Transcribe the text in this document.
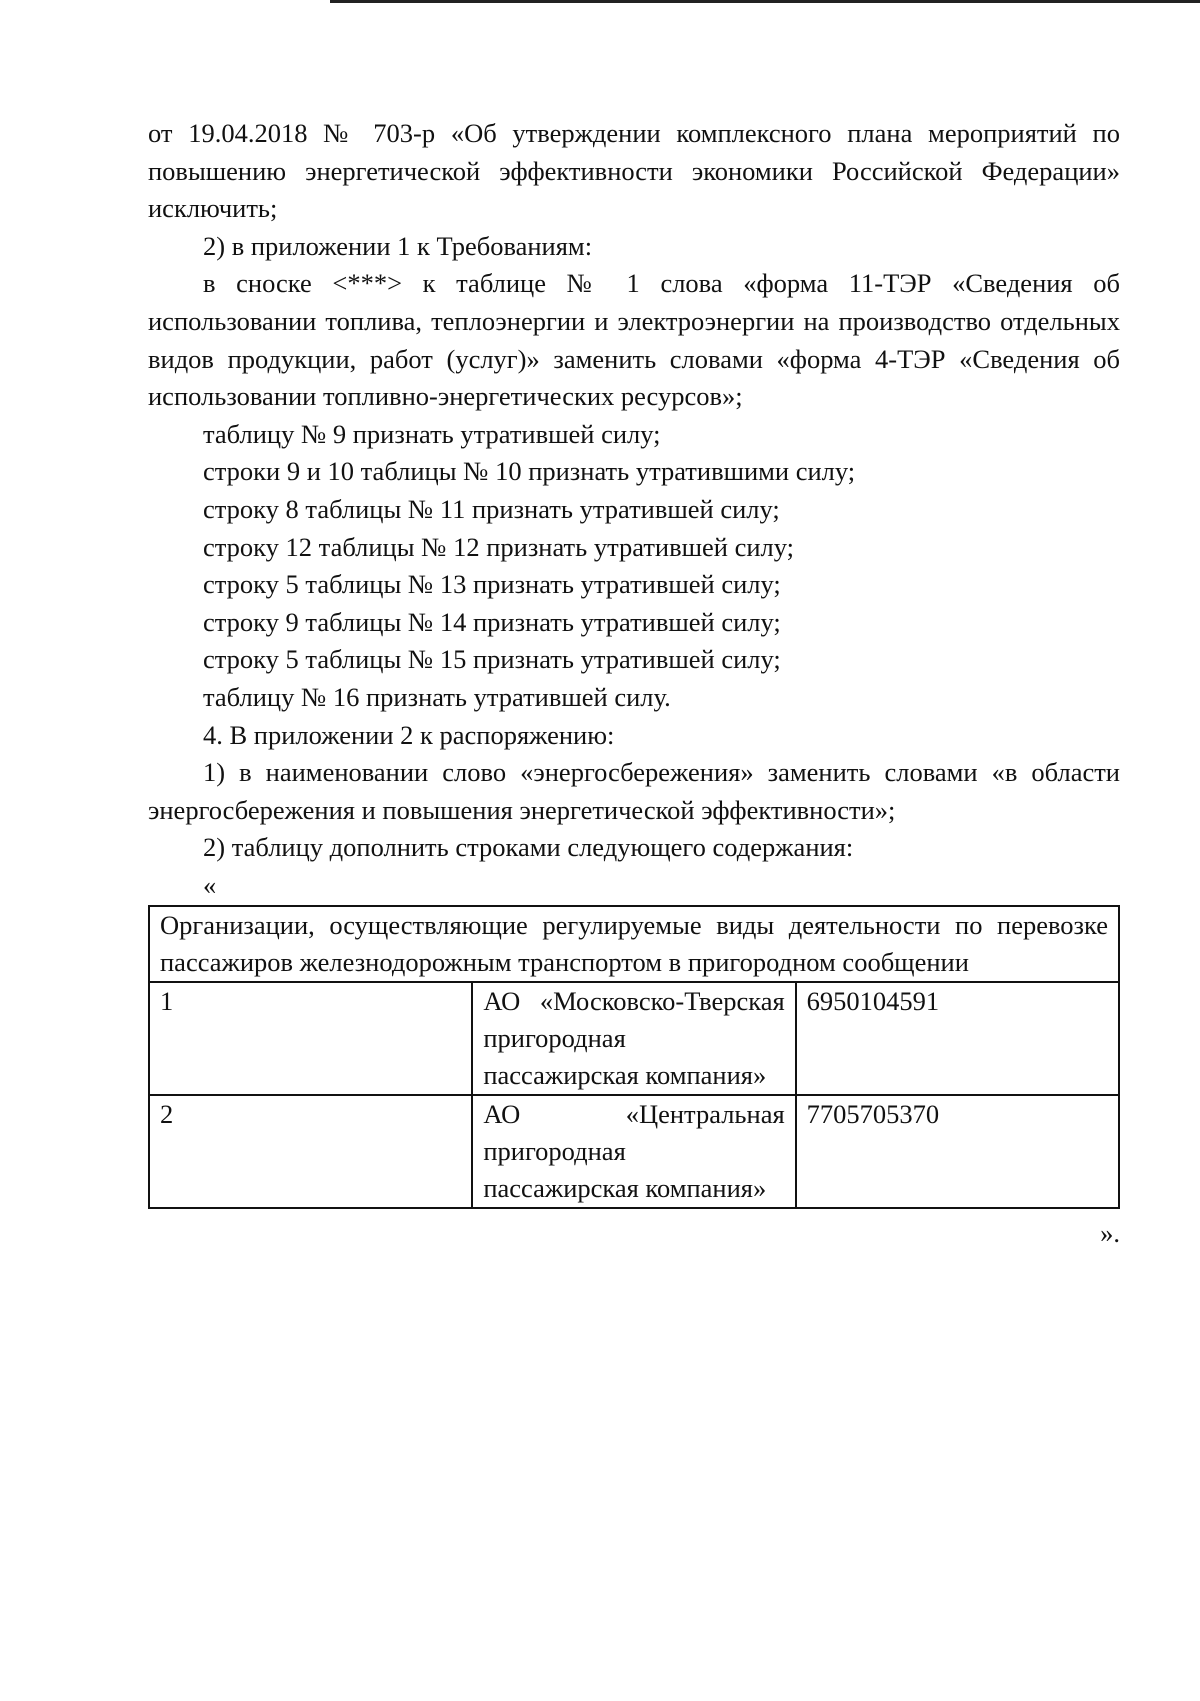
от 19.04.2018 № 703-р «Об утверждении комплексного плана мероприятий по повышению энергетической эффективности экономики Российской Федерации» исключить;

2) в приложении 1 к Требованиям:

в сноске <***> к таблице № 1 слова «форма 11-ТЭР «Сведения об использовании топлива, теплоэнергии и электроэнергии на производство отдельных видов продукции, работ (услуг)» заменить словами «форма 4-ТЭР «Сведения об использовании топливно-энергетических ресурсов»;

таблицу № 9 признать утратившей силу;

строки 9 и 10 таблицы № 10 признать утратившими силу;

строку 8 таблицы № 11 признать утратившей силу;

строку 12 таблицы № 12 признать утратившей силу;

строку 5 таблицы № 13 признать утратившей силу;

строку 9 таблицы № 14 признать утратившей силу;

строку 5 таблицы № 15 признать утратившей силу;

таблицу № 16 признать утратившей силу.

4. В приложении 2 к распоряжению:

1) в наименовании слово «энергосбережения» заменить словами «в области энергосбережения и повышения энергетической эффективности»;

2) таблицу дополнить строками следующего содержания:

«

Организации, осуществляющие регулируемые виды деятельности по перевозке пассажиров железнодорожным транспортом в пригородном сообщении		
1	АО «Московско-Тверская пригородная пассажирская компания»	6950104591
2	АО «Центральная пригородная пассажирская компания»	7705705370

».
